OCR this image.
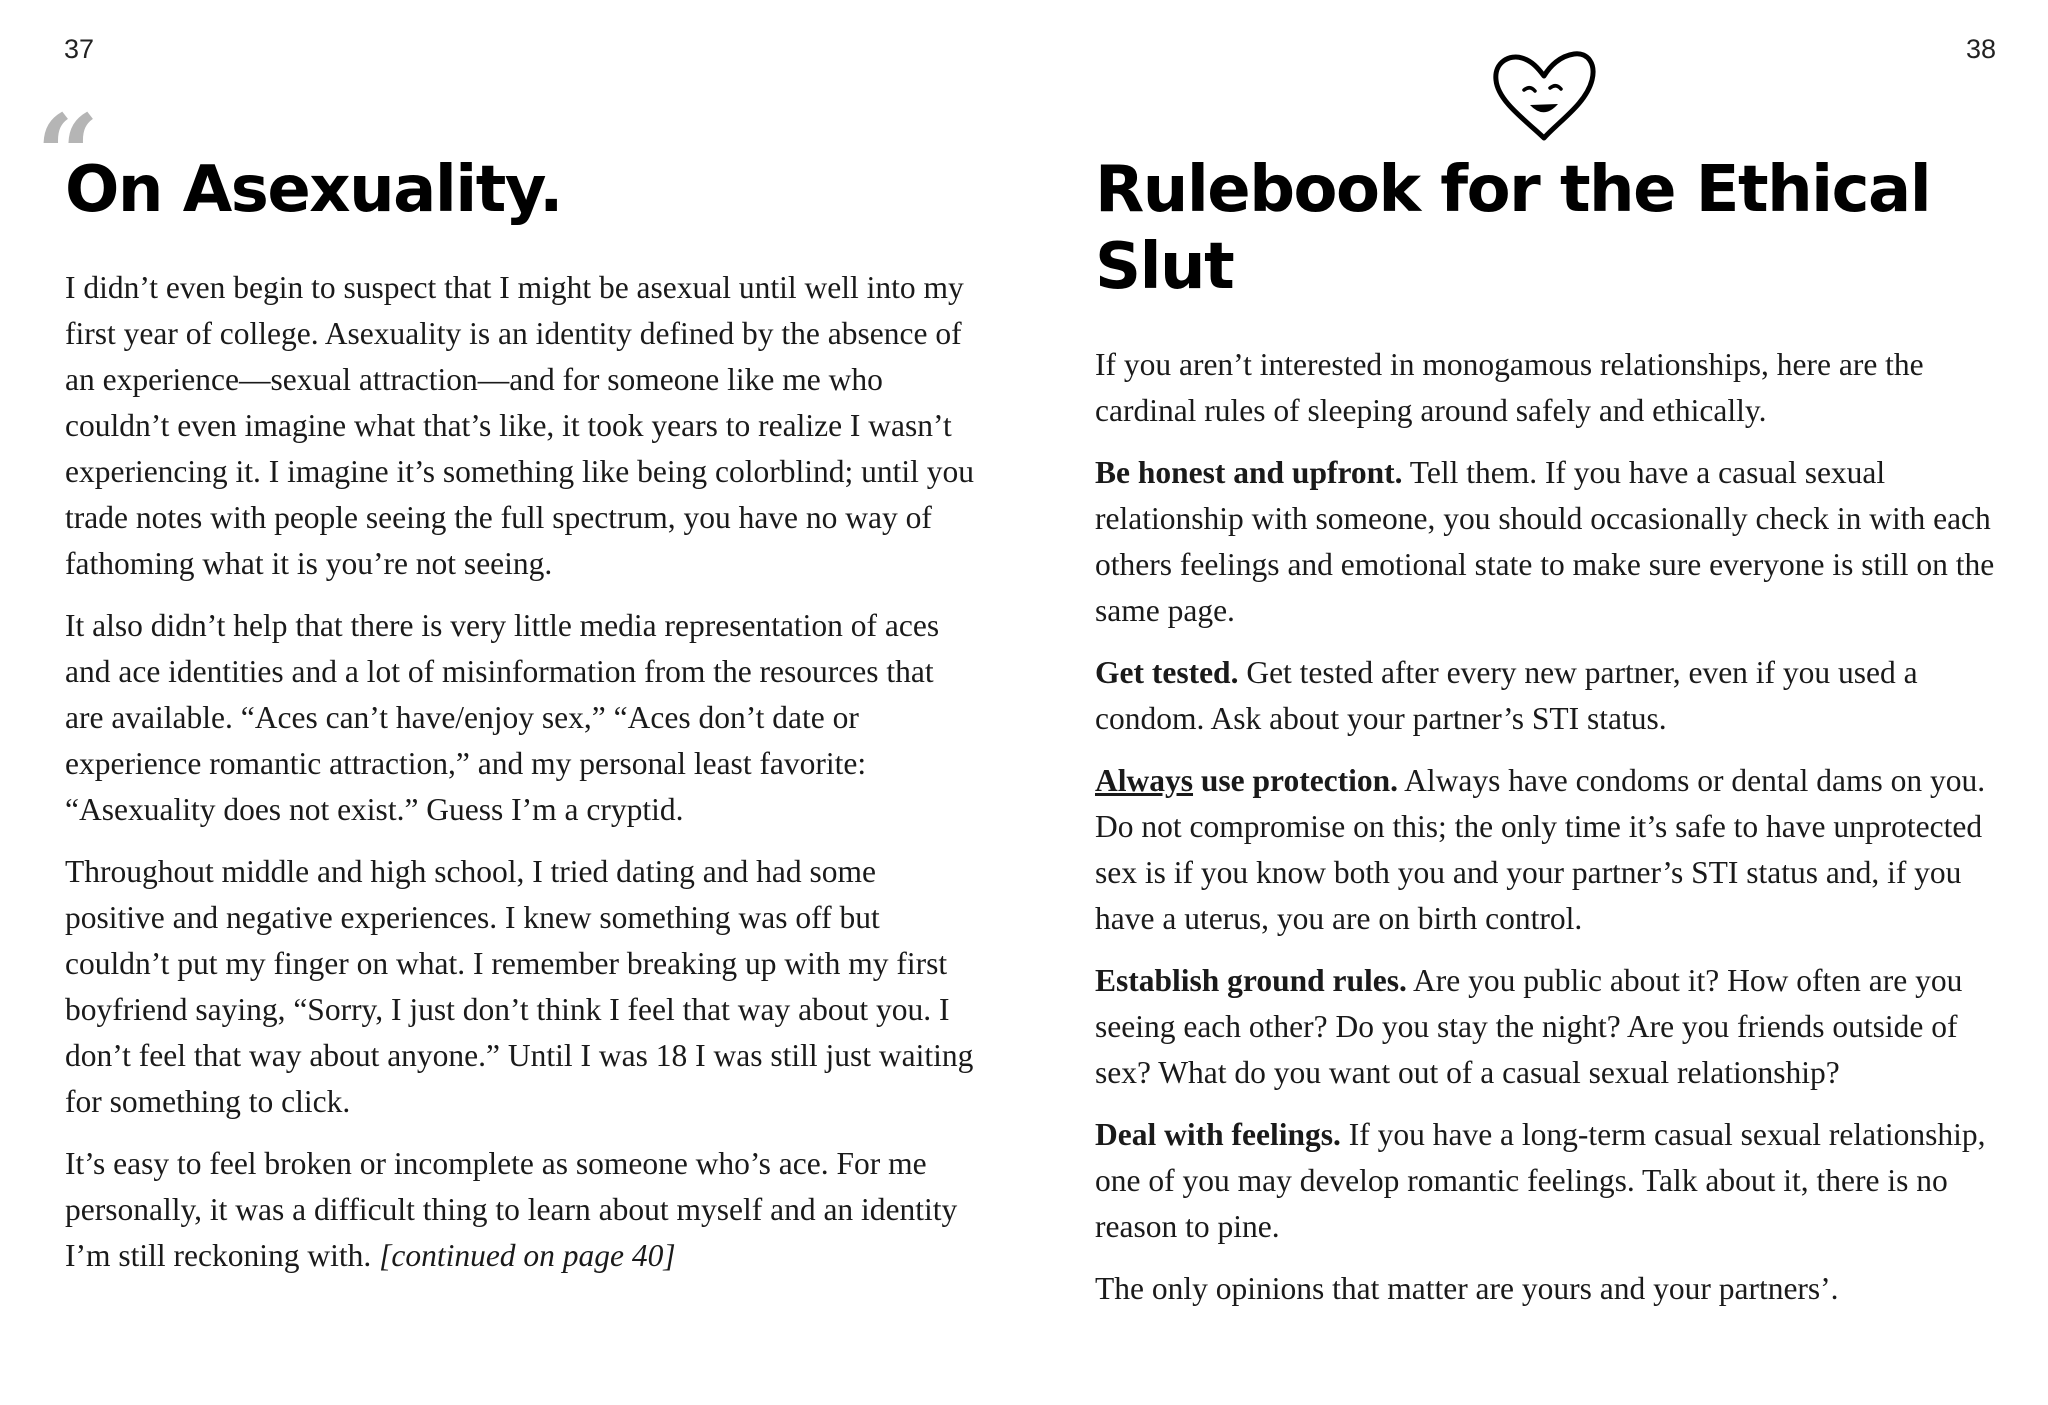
37	38
“
On Asexuality.

I didn’t even begin to suspect that I might be asexual until well into my first year of college. Asexuality is an identity defined by the absence of an experience—sexual attraction—and for someone like me who couldn’t even imagine what that’s like, it took years to realize I wasn’t experiencing it. I imagine it’s something like being colorblind; until you trade notes with people seeing the full spectrum, you have no way of fathoming what it is you’re not seeing.

It also didn’t help that there is very little media representation of aces and ace identities and a lot of misinformation from the resources that are available. “Aces can’t have/enjoy sex,” “Aces don’t date or experience romantic attraction,” and my personal least favorite: “Asexuality does not exist.” Guess I’m a cryptid.

Throughout middle and high school, I tried dating and had some positive and negative experiences. I knew something was off but couldn’t put my finger on what. I remember breaking up with my first boyfriend saying, “Sorry, I just don’t think I feel that way about you. I don’t feel that way about anyone.” Until I was 18 I was still just waiting for something to click.

It’s easy to feel broken or incomplete as someone who’s ace. For me personally, it was a difficult thing to learn about myself and an identity I’m still reckoning with. [continued on page 40]

Rulebook for the Ethical Slut

If you aren’t interested in monogamous relationships, here are the cardinal rules of sleeping around safely and ethically.

Be honest and upfront. Tell them. If you have a casual sexual relationship with someone, you should occasionally check in with each others feelings and emotional state to make sure everyone is still on the same page.

Get tested. Get tested after every new partner, even if you used a condom. Ask about your partner’s STI status.

Always use protection. Always have condoms or dental dams on you. Do not compromise on this; the only time it’s safe to have unprotected sex is if you know both you and your partner’s STI status and, if you have a uterus, you are on birth control.

Establish ground rules. Are you public about it? How often are you seeing each other? Do you stay the night? Are you friends outside of sex? What do you want out of a casual sexual relationship?

Deal with feelings. If you have a long-term casual sexual relationship, one of you may develop romantic feelings. Talk about it, there is no reason to pine.

The only opinions that matter are yours and your partners’.
